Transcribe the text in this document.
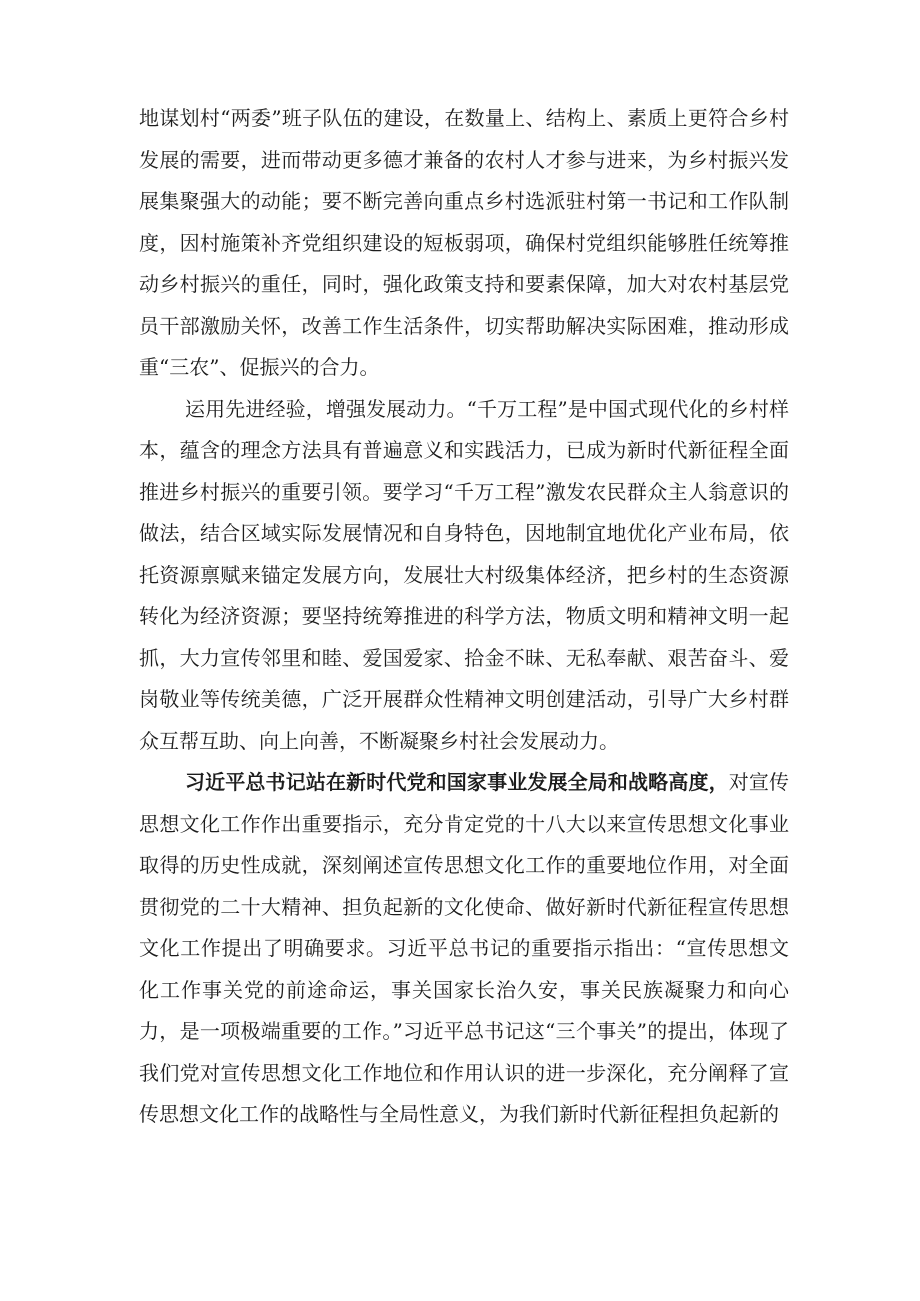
地谋划村“两委”班子队伍的建设，在数量上、结构上、素质上更符合乡村发展的需要，进而带动更多德才兼备的农村人才参与进来，为乡村振兴发展集聚强大的动能；要不断完善向重点乡村选派驻村第一书记和工作队制度，因村施策补齐党组织建设的短板弱项，确保村党组织能够胜任统筹推动乡村振兴的重任，同时，强化政策支持和要素保障，加大对农村基层党员干部激励关怀，改善工作生活条件，切实帮助解决实际困难，推动形成重“三农”、促振兴的合力。

运用先进经验，增强发展动力。“千万工程”是中国式现代化的乡村样本，蕴含的理念方法具有普遍意义和实践活力，已成为新时代新征程全面推进乡村振兴的重要引领。要学习“千万工程”激发农民群众主人翁意识的做法，结合区域实际发展情况和自身特色，因地制宜地优化产业布局，依托资源禀赋来锚定发展方向，发展壮大村级集体经济，把乡村的生态资源转化为经济资源；要坚持统筹推进的科学方法，物质文明和精神文明一起抓，大力宣传邻里和睦、爱国爱家、拾金不昧、无私奉献、艰苦奋斗、爱岗敬业等传统美德，广泛开展群众性精神文明创建活动，引导广大乡村群众互帮互助、向上向善，不断凝聚乡村社会发展动力。

习近平总书记站在新时代党和国家事业发展全局和战略高度，对宣传思想文化工作作出重要指示，充分肯定党的十八大以来宣传思想文化事业取得的历史性成就，深刻阐述宣传思想文化工作的重要地位作用，对全面贯彻党的二十大精神、担负起新的文化使命、做好新时代新征程宣传思想文化工作提出了明确要求。习近平总书记的重要指示指出：“宣传思想文化工作事关党的前途命运，事关国家长治久安，事关民族凝聚力和向心力，是一项极端重要的工作。”习近平总书记这“三个事关”的提出，体现了我们党对宣传思想文化工作地位和作用认识的进一步深化，充分阐释了宣传思想文化工作的战略性与全局性意义，为我们新时代新征程担负起新的
